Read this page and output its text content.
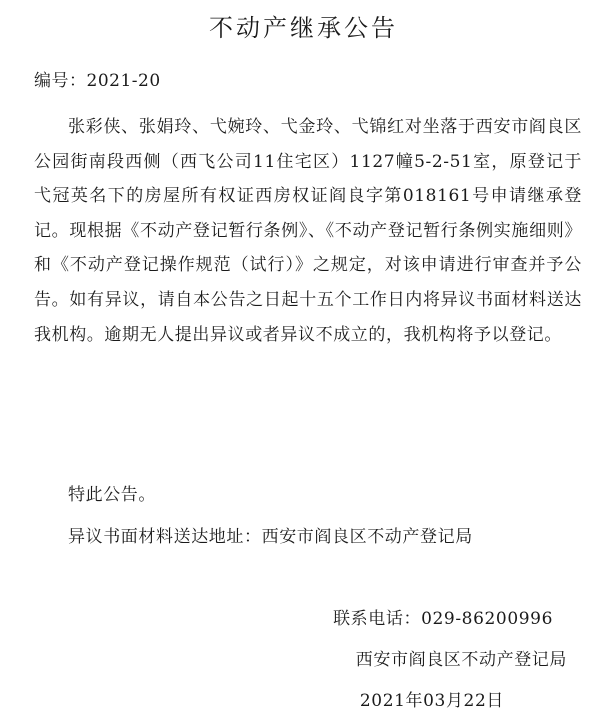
不动产继承公告
编号：2021-20
张彩侠、张娟玲、弋婉玲、弋金玲、弋锦红对坐落于西安市阎良区公园街南段西侧（西飞公司11住宅区）1127幢5-2-51室，原登记于弋冠英名下的房屋所有权证西房权证阎良字第018161号申请继承登记。现根据《不动产登记暂行条例》、《不动产登记暂行条例实施细则》和《不动产登记操作规范（试行）》之规定，对该申请进行审查并予公告。如有异议，请自本公告之日起十五个工作日内将异议书面材料送达我机构。逾期无人提出异议或者异议不成立的，我机构将予以登记。
特此公告。
异议书面材料送达地址：西安市阎良区不动产登记局
联系电话：029-86200996
西安市阎良区不动产登记局
2021年03月22日
